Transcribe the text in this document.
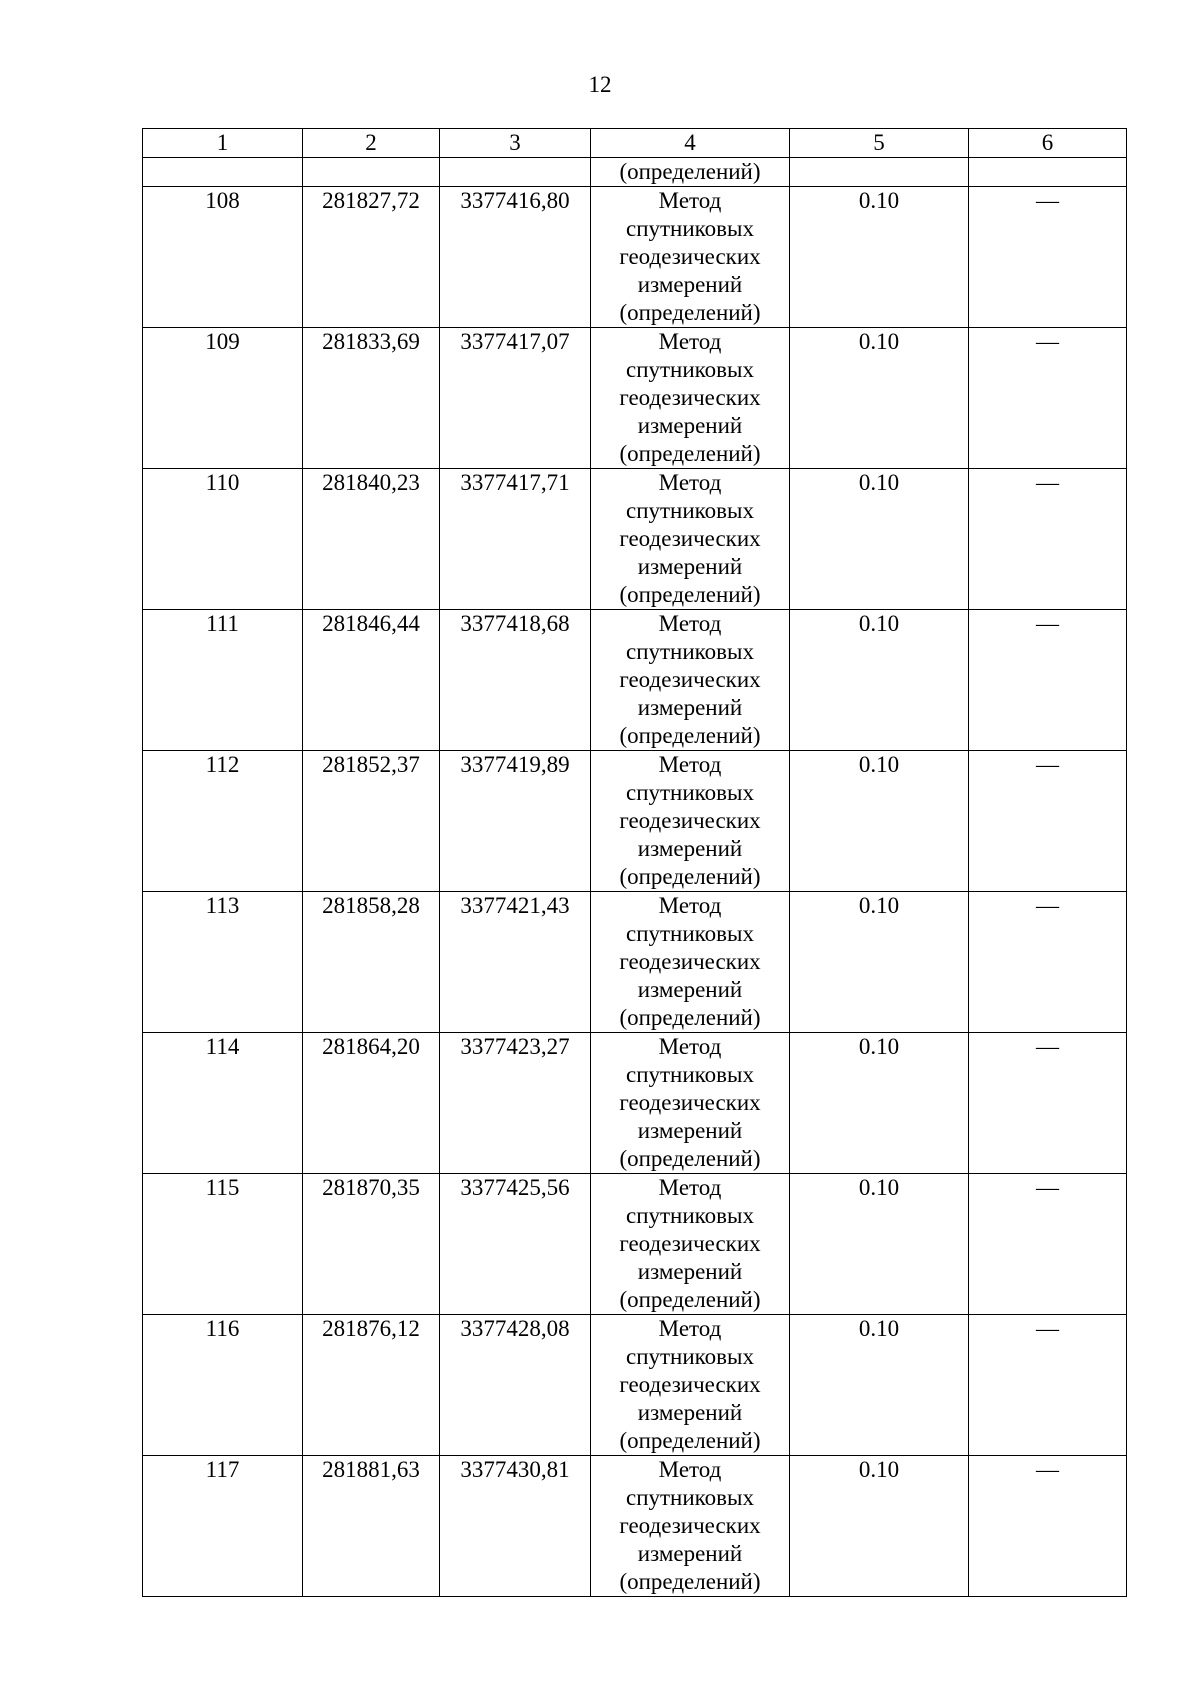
12
1	2	3	4	5	6
			(определений)		
108	281827,72	3377416,80	Метод
спутниковых
геодезических
измерений
(определений)	0.10	—
109	281833,69	3377417,07	Метод
спутниковых
геодезических
измерений
(определений)	0.10	—
110	281840,23	3377417,71	Метод
спутниковых
геодезических
измерений
(определений)	0.10	—
111	281846,44	3377418,68	Метод
спутниковых
геодезических
измерений
(определений)	0.10	—
112	281852,37	3377419,89	Метод
спутниковых
геодезических
измерений
(определений)	0.10	—
113	281858,28	3377421,43	Метод
спутниковых
геодезических
измерений
(определений)	0.10	—
114	281864,20	3377423,27	Метод
спутниковых
геодезических
измерений
(определений)	0.10	—
115	281870,35	3377425,56	Метод
спутниковых
геодезических
измерений
(определений)	0.10	—
116	281876,12	3377428,08	Метод
спутниковых
геодезических
измерений
(определений)	0.10	—
117	281881,63	3377430,81	Метод
спутниковых
геодезических
измерений
(определений)	0.10	—
